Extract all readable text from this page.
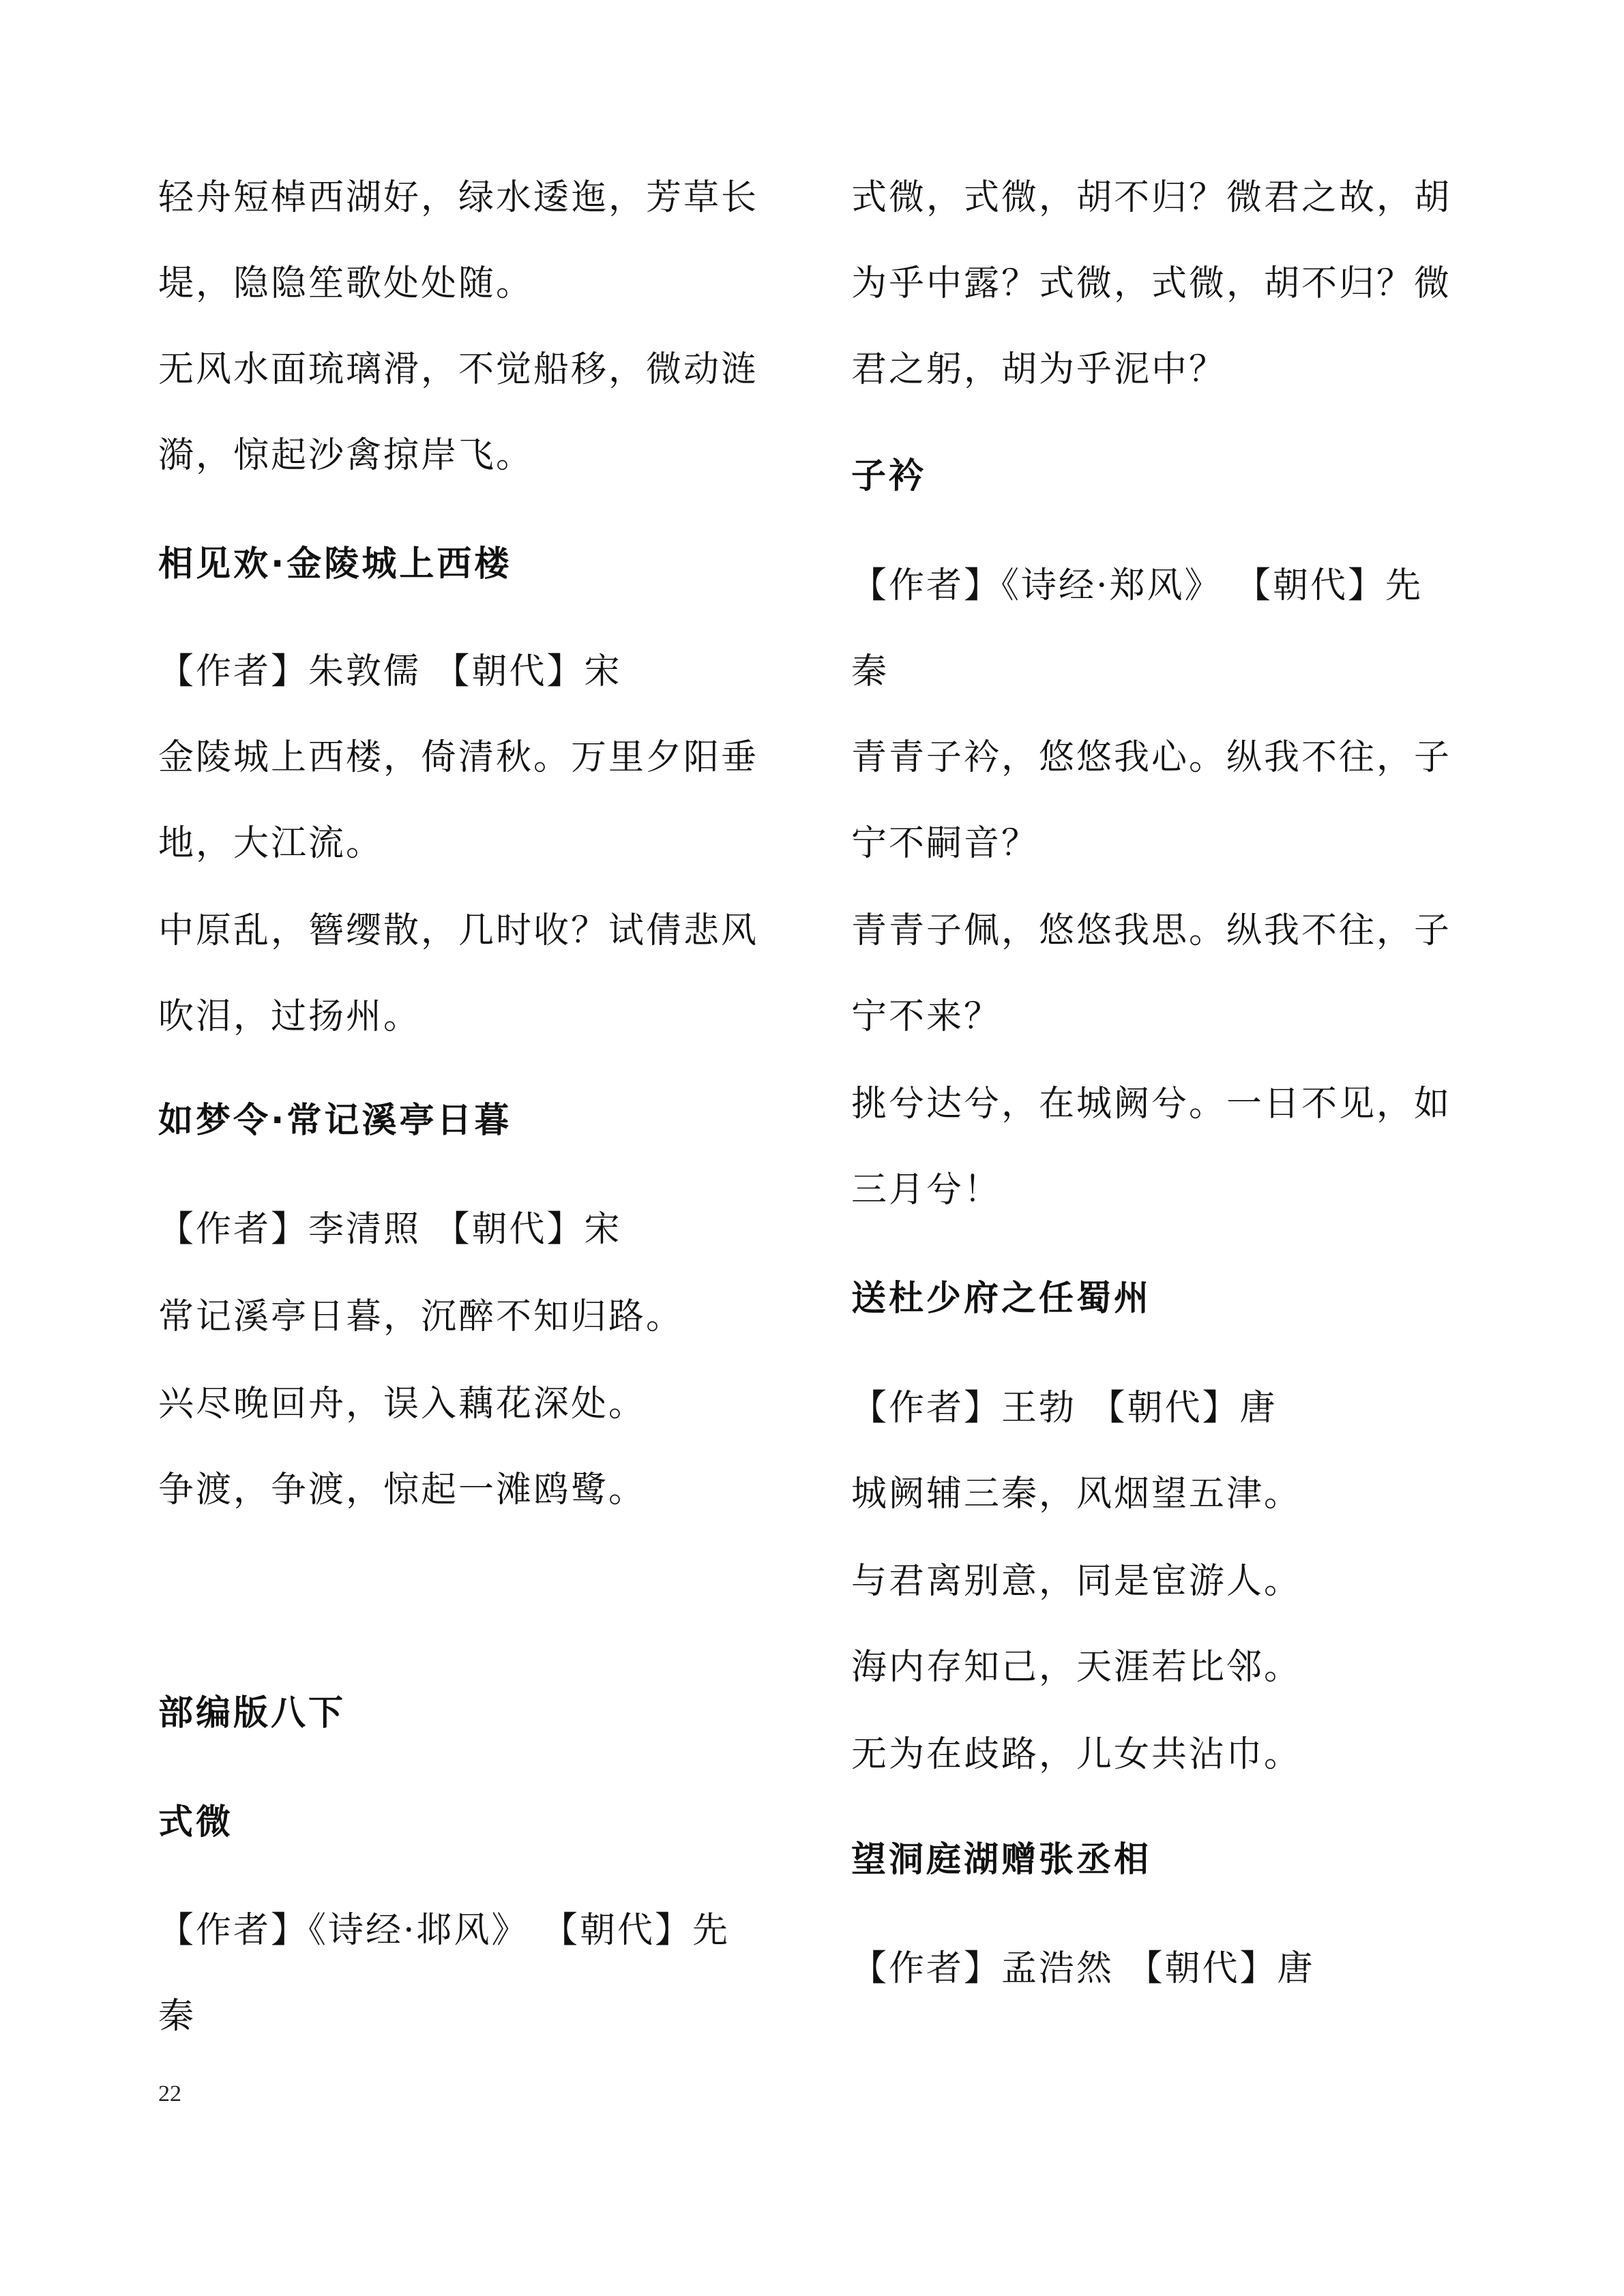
轻舟短棹西湖好，绿水逶迤，芳草长
堤，隐隐笙歌处处随。
无风水面琉璃滑，不觉船移，微动涟
漪，惊起沙禽掠岸飞。
相见欢·金陵城上西楼
【作者】朱敦儒 【朝代】宋
金陵城上西楼，倚清秋。万里夕阳垂
地，大江流。
中原乱，簪缨散，几时收？试倩悲风
吹泪，过扬州。
如梦令·常记溪亭日暮
【作者】李清照 【朝代】宋
常记溪亭日暮，沉醉不知归路。
兴尽晚回舟，误入藕花深处。
争渡，争渡，惊起一滩鸥鹭。
部编版八下
式微
【作者】《诗经·邶风》 【朝代】先
秦
式微，式微，胡不归？微君之故，胡
为乎中露？式微，式微，胡不归？微
君之躬，胡为乎泥中？
子衿
【作者】《诗经·郑风》 【朝代】先
秦
青青子衿，悠悠我心。纵我不往，子
宁不嗣音？
青青子佩，悠悠我思。纵我不往，子
宁不来？
挑兮达兮，在城阙兮。一日不见，如
三月兮！
送杜少府之任蜀州
【作者】王勃 【朝代】唐
城阙辅三秦，风烟望五津。
与君离别意，同是宦游人。
海内存知己，天涯若比邻。
无为在歧路，儿女共沾巾。
望洞庭湖赠张丞相
【作者】孟浩然 【朝代】唐
22
